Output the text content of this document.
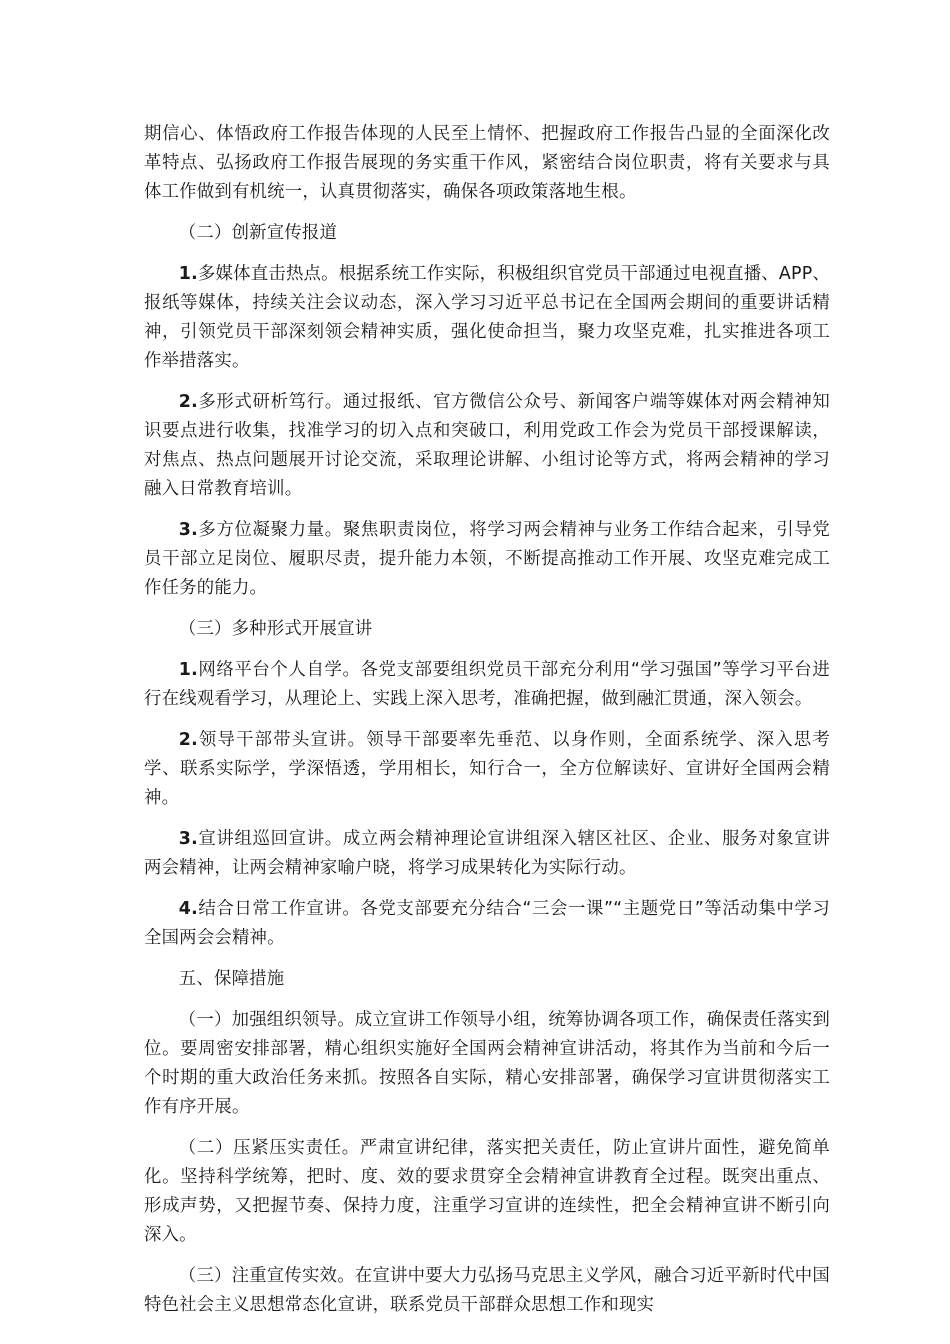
期信心、体悟政府工作报告体现的人民至上情怀、把握政府工作报告凸显的全面深化改革特点、弘扬政府工作报告展现的务实重干作风，紧密结合岗位职责，将有关要求与具体工作做到有机统一，认真贯彻落实，确保各项政策落地生根。

（二）创新宣传报道

1.多媒体直击热点。根据系统工作实际，积极组织官党员干部通过电视直播、APP、报纸等媒体，持续关注会议动态，深入学习习近平总书记在全国两会期间的重要讲话精神，引领党员干部深刻领会精神实质，强化使命担当，聚力攻坚克难，扎实推进各项工作举措落实。

2.多形式研析笃行。通过报纸、官方微信公众号、新闻客户端等媒体对两会精神知识要点进行收集，找准学习的切入点和突破口，利用党政工作会为党员干部授课解读，对焦点、热点问题展开讨论交流，采取理论讲解、小组讨论等方式，将两会精神的学习融入日常教育培训。

3.多方位凝聚力量。聚焦职责岗位，将学习两会精神与业务工作结合起来，引导党员干部立足岗位、履职尽责，提升能力本领，不断提高推动工作开展、攻坚克难完成工作任务的能力。

（三）多种形式开展宣讲

1.网络平台个人自学。各党支部要组织党员干部充分利用“学习强国”等学习平台进行在线观看学习，从理论上、实践上深入思考，准确把握，做到融汇贯通，深入领会。

2.领导干部带头宣讲。领导干部要率先垂范、以身作则，全面系统学、深入思考学、联系实际学，学深悟透，学用相长，知行合一，全方位解读好、宣讲好全国两会精神。

3.宣讲组巡回宣讲。成立两会精神理论宣讲组深入辖区社区、企业、服务对象宣讲两会精神，让两会精神家喻户晓，将学习成果转化为实际行动。

4.结合日常工作宣讲。各党支部要充分结合“三会一课”“主题党日”等活动集中学习全国两会会精神。

五、保障措施

（一）加强组织领导。成立宣讲工作领导小组，统筹协调各项工作，确保责任落实到位。要周密安排部署，精心组织实施好全国两会精神宣讲活动，将其作为当前和今后一个时期的重大政治任务来抓。按照各自实际，精心安排部署，确保学习宣讲贯彻落实工作有序开展。

（二）压紧压实责任。严肃宣讲纪律，落实把关责任，防止宣讲片面性，避免简单化。坚持科学统筹，把时、度、效的要求贯穿全会精神宣讲教育全过程。既突出重点、形成声势，又把握节奏、保持力度，注重学习宣讲的连续性，把全会精神宣讲不断引向深入。

（三）注重宣传实效。在宣讲中要大力弘扬马克思主义学风，融合习近平新时代中国特色社会主义思想常态化宣讲，联系党员干部群众思想工作和现实
